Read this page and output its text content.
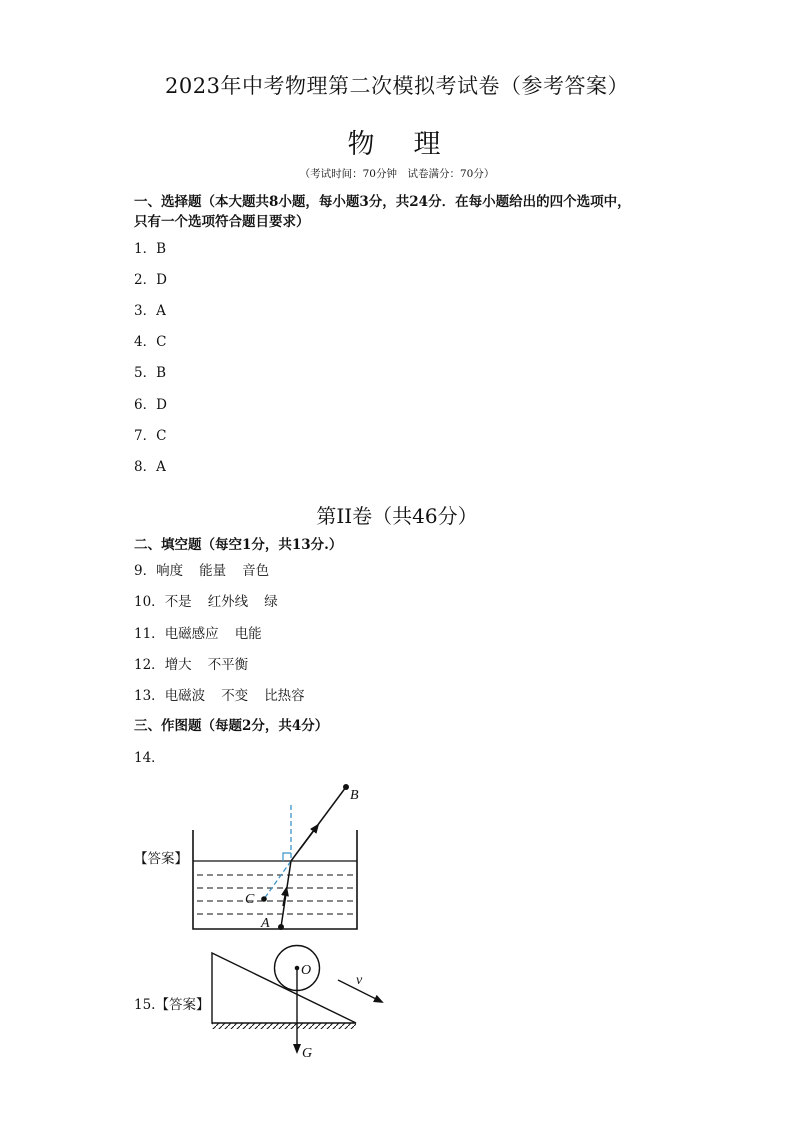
2023年中考物理第二次模拟考试卷（参考答案）
物　理
（考试时间：70分钟　试卷满分：70分）
一、选择题（本大题共8小题，每小题3分，共24分．在每小题给出的四个选项中，
只有一个选项符合题目要求）
1．B
2．D
3．A
4．C
5．B
6．D
7．C
8．A
第II卷（共46分）
二、填空题（每空1分，共13分.）
9．响度 能量 音色
10．不是 红外线 绿
11．电磁感应 电能
12．增大 不平衡
13．电磁波 不变 比热容
三、作图题（每题2分，共4分）
14．
【答案】
15.【答案】
B
C
A
O
v
G
